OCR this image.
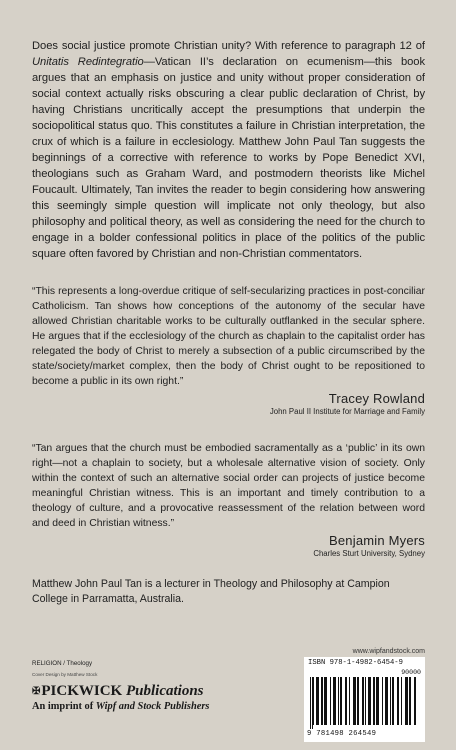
Does social justice promote Christian unity? With reference to paragraph 12 of Unitatis Redintegratio—Vatican II’s declaration on ecumenism—this book argues that an emphasis on justice and unity without proper consideration of social context actually risks obscuring a clear public declaration of Christ, by having Christians uncritically accept the presumptions that underpin the sociopolitical status quo. This constitutes a failure in Christian interpretation, the crux of which is a failure in ecclesiology. Matthew John Paul Tan suggests the beginnings of a corrective with reference to works by Pope Benedict XVI, theologians such as Graham Ward, and postmodern theorists like Michel Foucault. Ultimately, Tan invites the reader to begin considering how answering this seemingly simple question will implicate not only theology, but also philosophy and political theory, as well as considering the need for the church to engage in a bolder confessional politics in place of the politics of the public square often favored by Christian and non-Christian commentators.

“This represents a long-overdue critique of self-secularizing practices in post-conciliar Catholicism. Tan shows how conceptions of the autonomy of the secular have allowed Christian charitable works to be culturally outflanked in the secular sphere. He argues that if the ecclesiology of the church as chaplain to the capitalist order has relegated the body of Christ to merely a subsection of a public circumscribed by the state/society/market complex, then the body of Christ ought to be repositioned to become a public in its own right.”

Tracey Rowland
John Paul II Institute for Marriage and Family

“Tan argues that the church must be embodied sacramentally as a ‘public’ in its own right—not a chaplain to society, but a wholesale alternative vision of society. Only within the context of such an alternative social order can projects of justice become meaningful Christian witness. This is an important and timely contribution to a theology of culture, and a provocative reassessment of the relation between word and deed in Christian witness.”

Benjamin Myers
Charles Sturt University, Sydney

Matthew John Paul Tan is a lecturer in Theology and Philosophy at Campion College in Parramatta, Australia.

www.wipfandstock.com
RELIGION / Theology
Cover Design by Matthew Stock
✠PICKWICK Publications
An imprint of Wipf and Stock Publishers
ISBN 978-1-4982-6454-9
90000
9 781498 264549
